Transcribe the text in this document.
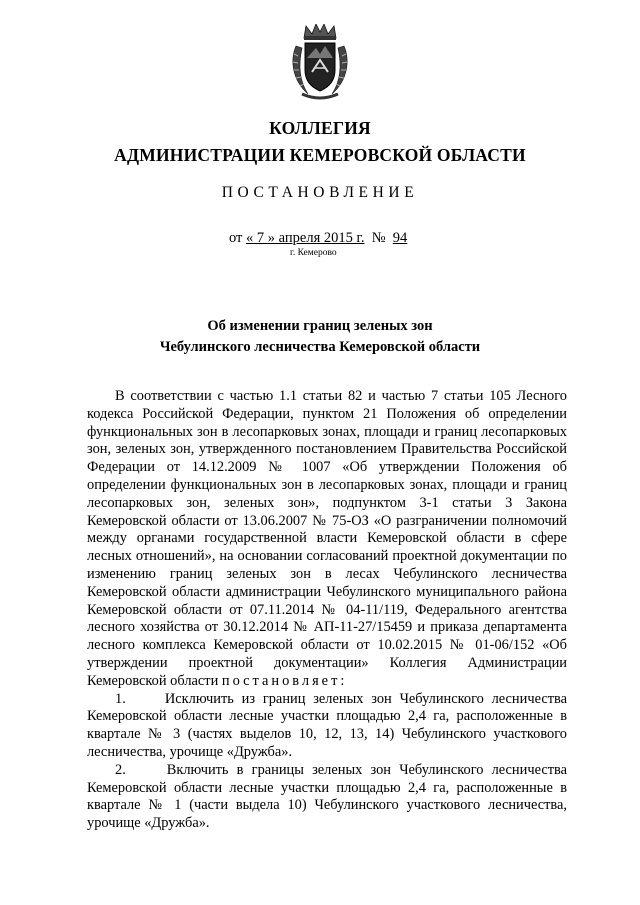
КОЛЛЕГИЯ
АДМИНИСТРАЦИИ КЕМЕРОВСКОЙ ОБЛАСТИ
ПОСТАНОВЛЕНИЕ
от « 7 » апреля 2015 г. № 94
г. Кемерово
Об изменении границ зеленых зон
Чебулинского лесничества Кемеровской области

В соответствии с частью 1.1 статьи 82 и частью 7 статьи 105 Лесного кодекса Российской Федерации, пунктом 21 Положения об определении функциональных зон в лесопарковых зонах, площади и границ лесопарковых зон, зеленых зон, утвержденного постановлением Правительства Российской Федерации от 14.12.2009 № 1007 «Об утверждении Положения об определении функциональных зон в лесопарковых зонах, площади и границ лесопарковых зон, зеленых зон», подпунктом 3-1 статьи 3 Закона Кемеровской области от 13.06.2007 № 75-ОЗ «О разграничении полномочий между органами государственной власти Кемеровской области в сфере лесных отношений», на основании согласований проектной документации по изменению границ зеленых зон в лесах Чебулинского лесничества Кемеровской области администрации Чебулинского муниципального района Кемеровской области от 07.11.2014 № 04-11/119, Федерального агентства лесного хозяйства от 30.12.2014 № АП-11-27/15459 и приказа департамента лесного комплекса Кемеровской области от 10.02.2015 № 01-06/152 «Об утверждении проектной документации» Коллегия Администрации Кемеровской области постановляет:

1.	Исключить из границ зеленых зон Чебулинского лесничества Кемеровской области лесные участки площадью 2,4 га, расположенные в квартале № 3 (частях выделов 10, 12, 13, 14) Чебулинского участкового лесничества, урочище «Дружба».

2.	Включить в границы зеленых зон Чебулинского лесничества Кемеровской области лесные участки площадью 2,4 га, расположенные в квартале № 1 (части выдела 10) Чебулинского участкового лесничества, урочище «Дружба».
